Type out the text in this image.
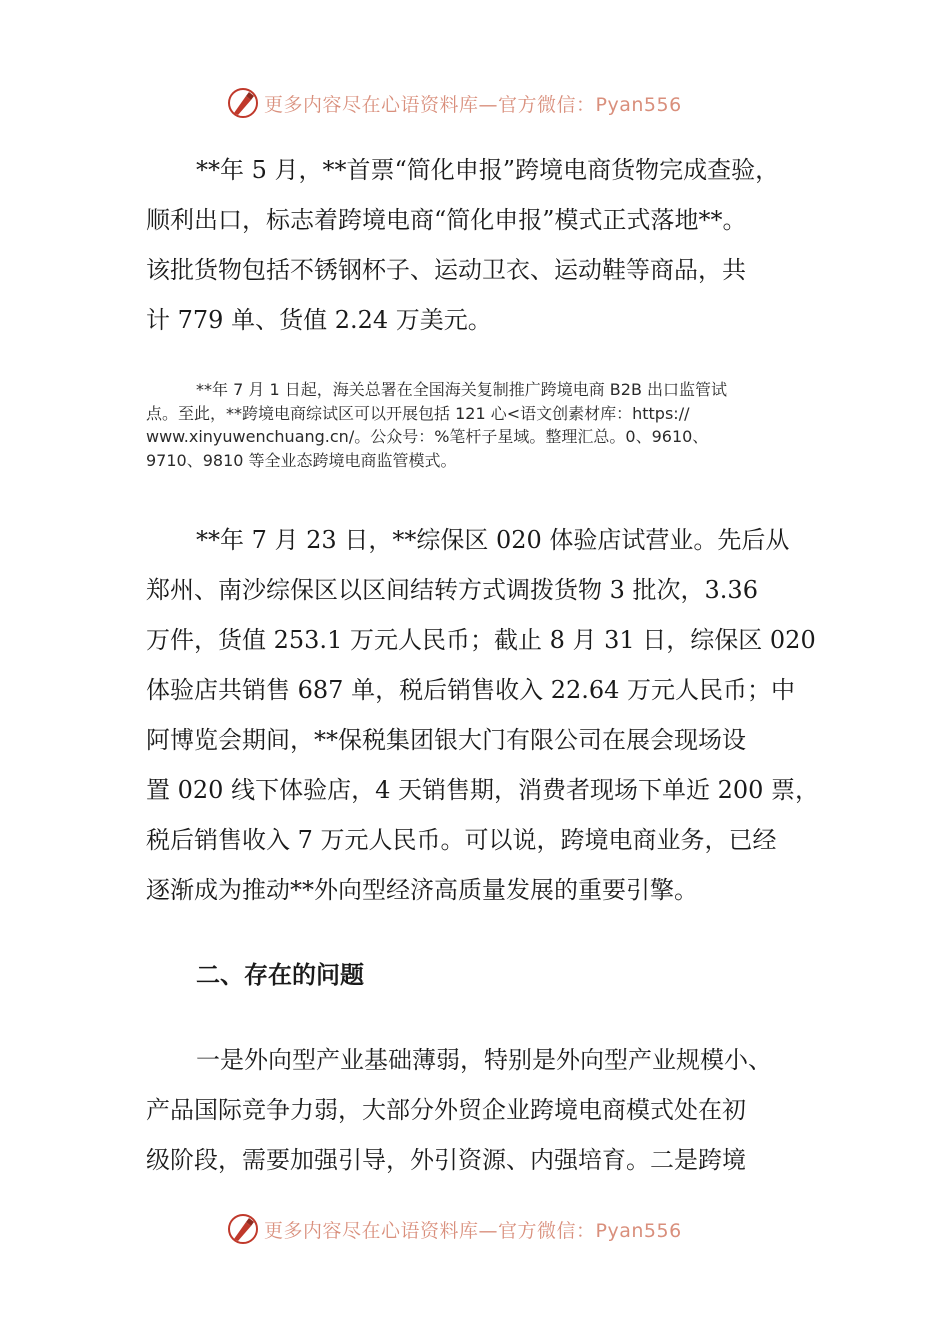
更多内容尽在心语资料库—官方微信：Pyan556
**年 5 月，**首票“简化申报”跨境电商货物完成查验，
顺利出口，标志着跨境电商“简化申报”模式正式落地**。
该批货物包括不锈钢杯子、运动卫衣、运动鞋等商品，共
计 779 单、货值 2.24 万美元。
**年 7 月 1 日起，海关总署在全国海关复制推广跨境电商 B2B 出口监管试
点。至此，**跨境电商综试区可以开展包括 121 心<语文创素材库：https://
www.xinyuwenchuang.cn/。公众号：%笔杆子星域。整理汇总。0、9610、
9710、9810 等全业态跨境电商监管模式。
**年 7 月 23 日，**综保区 020 体验店试营业。先后从
郑州、南沙综保区以区间结转方式调拨货物 3 批次，3.36
万件，货值 253.1 万元人民币；截止 8 月 31 日，综保区 020
体验店共销售 687 单，税后销售收入 22.64 万元人民币；中
阿博览会期间，**保税集团银大门有限公司在展会现场设
置 020 线下体验店，4 天销售期，消费者现场下单近 200 票，
税后销售收入 7 万元人民币。可以说，跨境电商业务，已经
逐渐成为推动**外向型经济高质量发展的重要引擎。
二、存在的问题
一是外向型产业基础薄弱，特别是外向型产业规模小、
产品国际竞争力弱，大部分外贸企业跨境电商模式处在初
级阶段，需要加强引导，外引资源、内强培育。二是跨境
更多内容尽在心语资料库—官方微信：Pyan556
